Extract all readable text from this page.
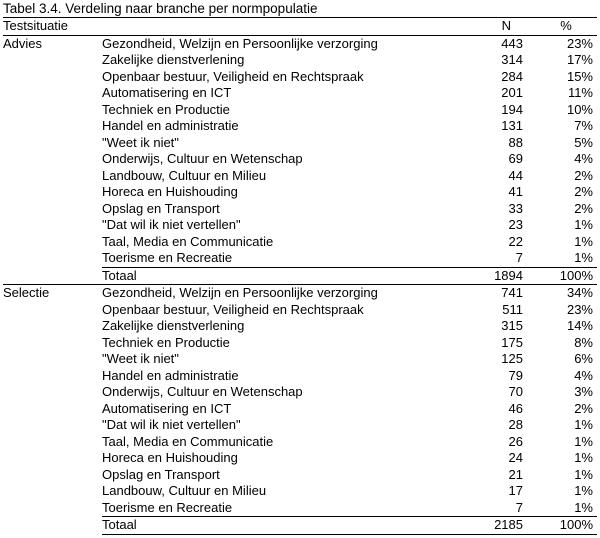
Tabel 3.4. Verdeling naar branche per normpopulatie
Testsituatie		N	%
Advies	Gezondheid, Welzijn en Persoonlijke verzorging	443	23%
	Zakelijke dienstverlening	314	17%
	Openbaar bestuur, Veiligheid en Rechtspraak	284	15%
	Automatisering en ICT	201	11%
	Techniek en Productie	194	10%
	Handel en administratie	131	7%
	"Weet ik niet"	88	5%
	Onderwijs, Cultuur en Wetenschap	69	4%
	Landbouw, Cultuur en Milieu	44	2%
	Horeca en Huishouding	41	2%
	Opslag en Transport	33	2%
	"Dat wil ik niet vertellen"	23	1%
	Taal, Media en Communicatie	22	1%
	Toerisme en Recreatie	7	1%
	Totaal	1894	100%
Selectie	Gezondheid, Welzijn en Persoonlijke verzorging	741	34%
	Openbaar bestuur, Veiligheid en Rechtspraak	511	23%
	Zakelijke dienstverlening	315	14%
	Techniek en Productie	175	8%
	"Weet ik niet"	125	6%
	Handel en administratie	79	4%
	Onderwijs, Cultuur en Wetenschap	70	3%
	Automatisering en ICT	46	2%
	"Dat wil ik niet vertellen"	28	1%
	Taal, Media en Communicatie	26	1%
	Horeca en Huishouding	24	1%
	Opslag en Transport	21	1%
	Landbouw, Cultuur en Milieu	17	1%
	Toerisme en Recreatie	7	1%
	Totaal	2185	100%
